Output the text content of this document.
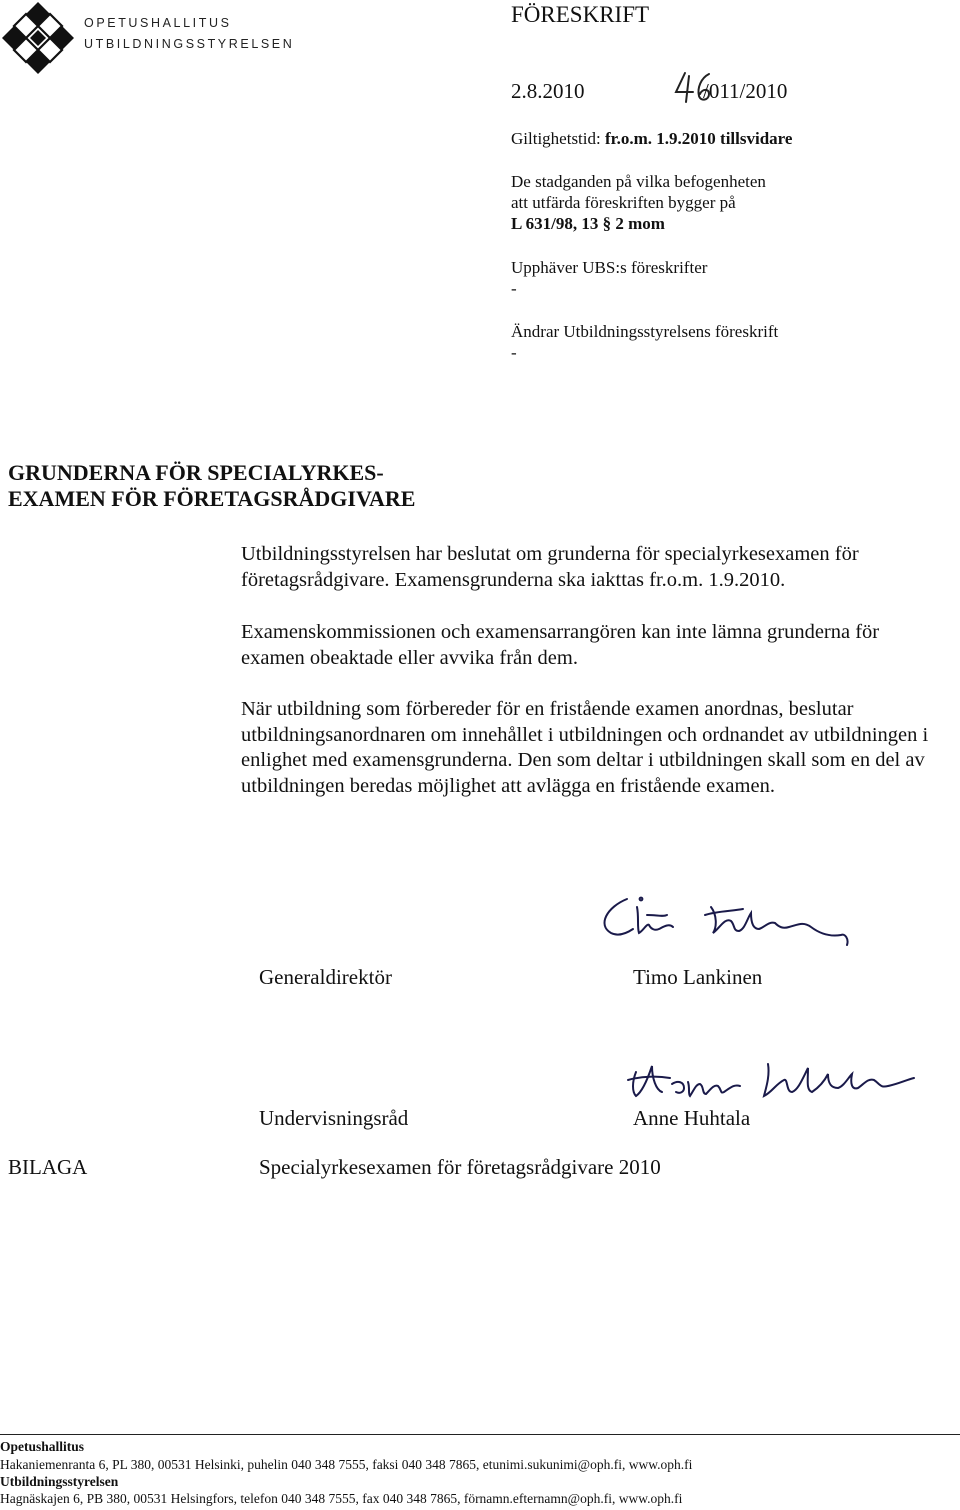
OPETUSHALLITUS
UTBILDNINGSSTYRELSEN
FÖRESKRIFT
2.8.2010	/011/2010
Giltighetstid: fr.o.m. 1.9.2010 tillsvidare
De stadganden på vilka befogenheten
att utfärda föreskriften bygger på
L 631/98, 13 § 2 mom
Upphäver UBS:s föreskrifter
-
Ändrar Utbildningsstyrelsens föreskrift
-
GRUNDERNA FÖR SPECIALYRKES-
EXAMEN FÖR FÖRETAGSRÅDGIVARE
Utbildningsstyrelsen har beslutat om grunderna för specialyrkesexamen för företagsrådgivare. Examensgrunderna ska iakttas fr.o.m. 1.9.2010.
Examenskommissionen och examensarrangören kan inte lämna grunderna för examen obeaktade eller avvika från dem.
När utbildning som förbereder för en fristående examen anordnas, beslutar utbildningsanordnaren om innehållet i utbildningen och ordnandet av utbildningen i enlighet med examensgrunderna. Den som deltar i utbildningen skall som en del av utbildningen beredas möjlighet att avlägga en fristående examen.
Generaldirektör	Timo Lankinen
Undervisningsråd	Anne Huhtala
BILAGA	Specialyrkesexamen för företagsrådgivare 2010
Opetushallitus
Hakaniemenranta 6, PL 380, 00531 Helsinki, puhelin 040 348 7555, faksi 040 348 7865, etunimi.sukunimi@oph.fi, www.oph.fi
Utbildningsstyrelsen
Hagnäskajen 6, PB 380, 00531 Helsingfors, telefon 040 348 7555, fax 040 348 7865, förnamn.efternamn@oph.fi, www.oph.fi
